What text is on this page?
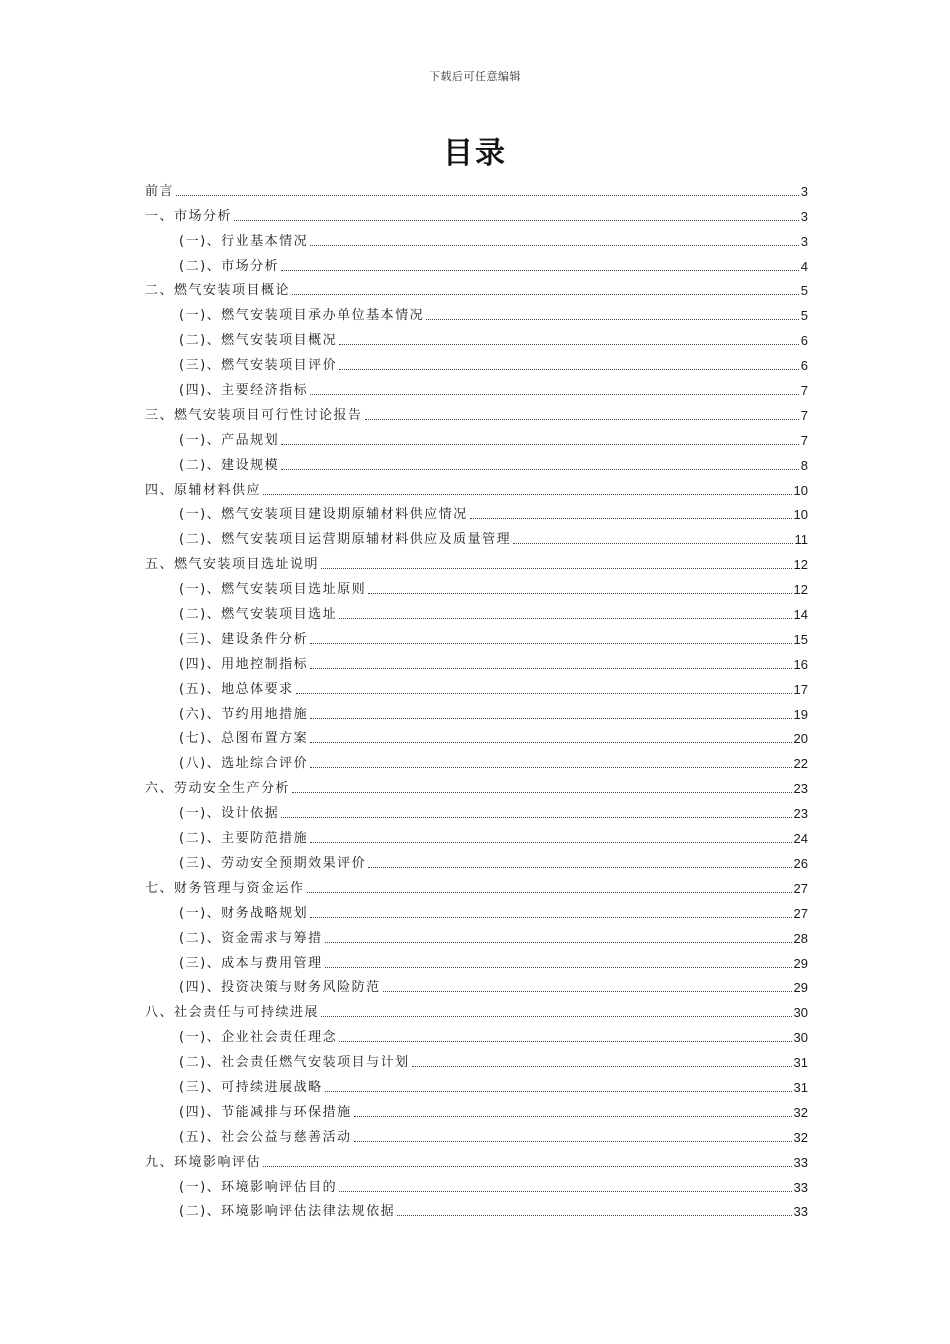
下载后可任意编辑
目录
前言	3
一、市场分析	3
(一)、行业基本情况	3
(二)、市场分析	4
二、燃气安装项目概论	5
(一)、燃气安装项目承办单位基本情况	5
(二)、燃气安装项目概况	6
(三)、燃气安装项目评价	6
(四)、主要经济指标	7
三、燃气安装项目可行性讨论报告	7
(一)、产品规划	7
(二)、建设规模	8
四、原辅材料供应	10
(一)、燃气安装项目建设期原辅材料供应情况	10
(二)、燃气安装项目运营期原辅材料供应及质量管理	11
五、燃气安装项目选址说明	12
(一)、燃气安装项目选址原则	12
(二)、燃气安装项目选址	14
(三)、建设条件分析	15
(四)、用地控制指标	16
(五)、地总体要求	17
(六)、节约用地措施	19
(七)、总图布置方案	20
(八)、选址综合评价	22
六、劳动安全生产分析	23
(一)、设计依据	23
(二)、主要防范措施	24
(三)、劳动安全预期效果评价	26
七、财务管理与资金运作	27
(一)、财务战略规划	27
(二)、资金需求与筹措	28
(三)、成本与费用管理	29
(四)、投资决策与财务风险防范	29
八、社会责任与可持续进展	30
(一)、企业社会责任理念	30
(二)、社会责任燃气安装项目与计划	31
(三)、可持续进展战略	31
(四)、节能减排与环保措施	32
(五)、社会公益与慈善活动	32
九、环境影响评估	33
(一)、环境影响评估目的	33
(二)、环境影响评估法律法规依据	33
